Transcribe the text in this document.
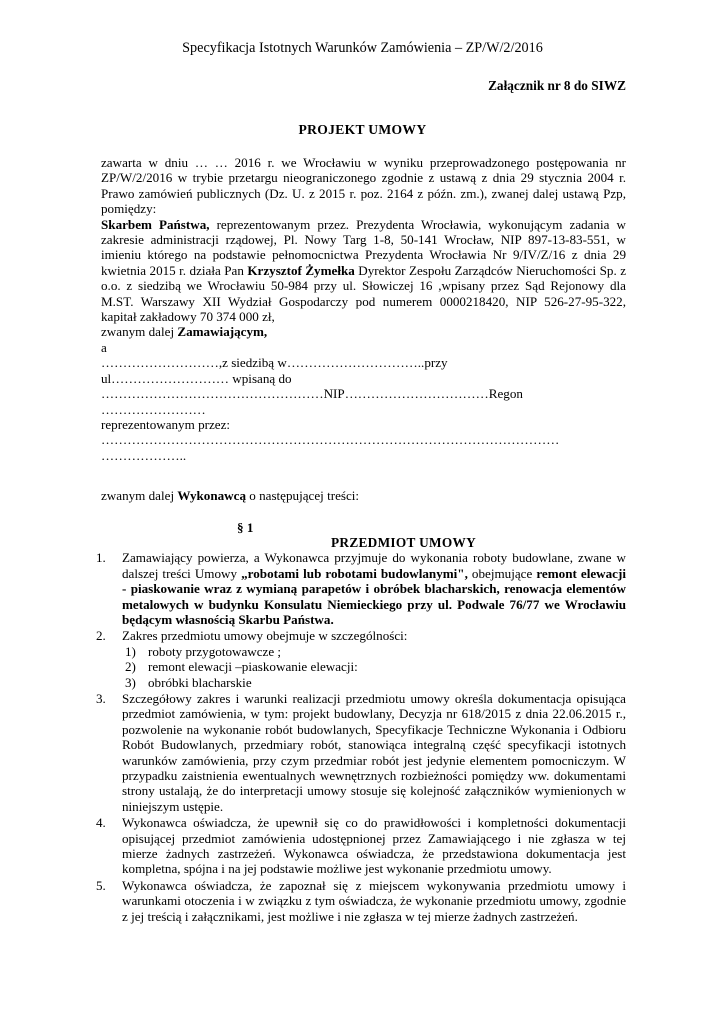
Specyfikacja Istotnych Warunków Zamówienia – ZP/W/2/2016
Załącznik nr 8 do SIWZ
PROJEKT UMOWY

zawarta w dniu … … 2016 r. we Wrocławiu w wyniku przeprowadzonego postępowania nr ZP/W/2/2016 w trybie przetargu nieograniczonego zgodnie z ustawą z dnia 29 stycznia 2004 r. Prawo zamówień publicznych (Dz. U. z 2015 r. poz. 2164 z późn. zm.), zwanej dalej ustawą Pzp, pomiędzy:

Skarbem Państwa, reprezentowanym przez. Prezydenta Wrocławia, wykonującym zadania w zakresie administracji rządowej, Pl. Nowy Targ 1-8, 50-141 Wrocław, NIP 897-13-83-551, w imieniu którego na podstawie pełnomocnictwa Prezydenta Wrocławia Nr 9/IV/Z/16 z dnia 29 kwietnia 2015 r. działa Pan Krzysztof Żymełka Dyrektor Zespołu Zarządców Nieruchomości Sp. z o.o. z siedzibą we Wrocławiu 50-984 przy ul. Słowiczej 16 ,wpisany przez Sąd Rejonowy dla M.ST. Warszawy XII Wydział Gospodarczy pod numerem 0000218420, NIP 526-27-95-322, kapitał zakładowy 70 374 000 zł,

zwanym dalej Zamawiającym,

a

………………………,z siedzibą w…………………………..przy

ul……………………… wpisaną do

……………………………………………NIP……………………………Regon

……………………

reprezentowanym przez:

……………………………………………………………………………………………

………………..

zwanym dalej Wykonawcą o następującej treści:

§ 1
PRZEDMIOT UMOWY
1. Zamawiający powierza, a Wykonawca przyjmuje do wykonania roboty budowlane, zwane w dalszej treści Umowy „robotami lub robotami budowlanymi", obejmujące remont elewacji - piaskowanie wraz z wymianą parapetów i obróbek blacharskich, renowacja elementów metalowych w budynku Konsulatu Niemieckiego przy ul. Podwale 76/77 we Wrocławiu będącym własnością Skarbu Państwa.
2. Zakres przedmiotu umowy obejmuje w szczególności:
1) roboty przygotowawcze ;
2) remont elewacji –piaskowanie elewacji:
3) obróbki blacharskie
3. Szczegółowy zakres i warunki realizacji przedmiotu umowy określa dokumentacja opisująca przedmiot zamówienia, w tym: projekt budowlany, Decyzja nr 618/2015 z dnia 22.06.2015 r., pozwolenie na wykonanie robót budowlanych, Specyfikacje Techniczne Wykonania i Odbioru Robót Budowlanych, przedmiary robót, stanowiąca integralną część specyfikacji istotnych warunków zamówienia, przy czym przedmiar robót jest jedynie elementem pomocniczym. W przypadku zaistnienia ewentualnych wewnętrznych rozbieżności pomiędzy ww. dokumentami strony ustalają, że do interpretacji umowy stosuje się kolejność załączników wymienionych w niniejszym ustępie.
4. Wykonawca oświadcza, że upewnił się co do prawidłowości i kompletności dokumentacji opisującej przedmiot zamówienia udostępnionej przez Zamawiającego i nie zgłasza w tej mierze żadnych zastrzeżeń. Wykonawca oświadcza, że przedstawiona dokumentacja jest kompletna, spójna i na jej podstawie możliwe jest wykonanie przedmiotu umowy.
5. Wykonawca oświadcza, że zapoznał się z miejscem wykonywania przedmiotu umowy i warunkami otoczenia i w związku z tym oświadcza, że wykonanie przedmiotu umowy, zgodnie z jej treścią i załącznikami, jest możliwe i nie zgłasza w tej mierze żadnych zastrzeżeń.
